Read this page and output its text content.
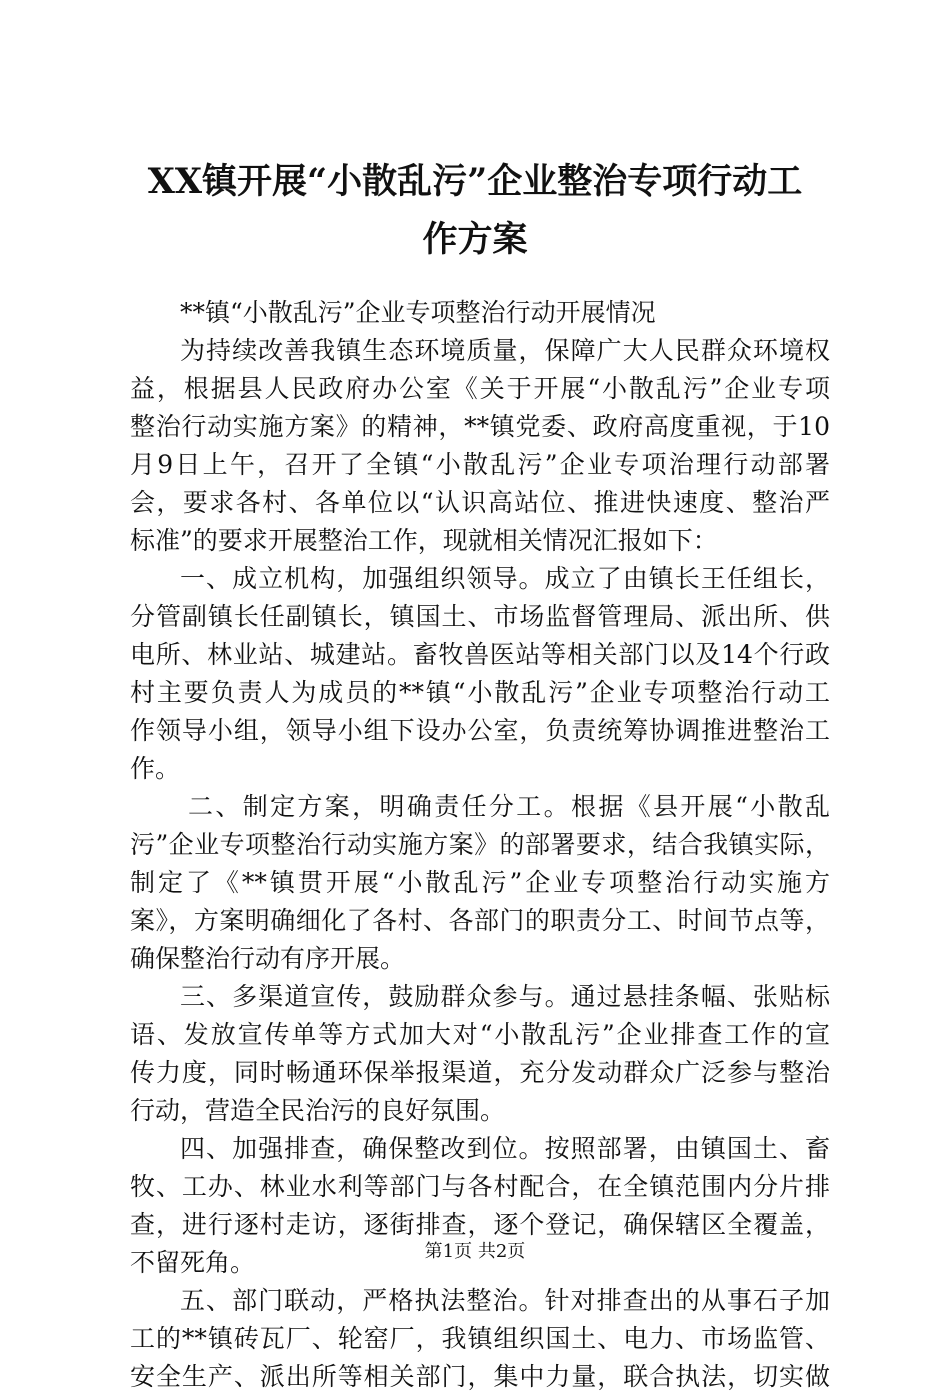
XX镇开展“小散乱污”企业整治专项行动工
作方案
**镇“小散乱污”企业专项整治行动开展情况
为持续改善我镇生态环境质量，保障广大人民群众环境权
益，根据县人民政府办公室《关于开展“小散乱污”企业专项
整治行动实施方案》的精神，**镇党委、政府高度重视，于10
月9日上午，召开了全镇“小散乱污”企业专项治理行动部署
会，要求各村、各单位以“认识高站位、推进快速度、整治严
标准”的要求开展整治工作，现就相关情况汇报如下：
一、成立机构，加强组织领导。成立了由镇长王任组长，
分管副镇长任副镇长，镇国土、市场监督管理局、派出所、供
电所、林业站、城建站。畜牧兽医站等相关部门以及14个行政
村主要负责人为成员的**镇“小散乱污”企业专项整治行动工
作领导小组，领导小组下设办公室，负责统筹协调推进整治工
作。
二、制定方案，明确责任分工。根据《县开展“小散乱
污”企业专项整治行动实施方案》的部署要求，结合我镇实际，
制定了《**镇贯开展“小散乱污”企业专项整治行动实施方
案》，方案明确细化了各村、各部门的职责分工、时间节点等，
确保整治行动有序开展。
三、多渠道宣传，鼓励群众参与。通过悬挂条幅、张贴标
语、发放宣传单等方式加大对“小散乱污”企业排查工作的宣
传力度，同时畅通环保举报渠道，充分发动群众广泛参与整治
行动，营造全民治污的良好氛围。
四、加强排查，确保整改到位。按照部署，由镇国土、畜
牧、工办、林业水利等部门与各村配合，在全镇范围内分片排
查，进行逐村走访，逐街排查，逐个登记，确保辖区全覆盖，
不留死角。
五、部门联动，严格执法整治。针对排查出的从事石子加
工的**镇砖瓦厂、轮窑厂，我镇组织国土、电力、市场监管、
安全生产、派出所等相关部门，集中力量，联合执法，切实做
第1页 共2页
